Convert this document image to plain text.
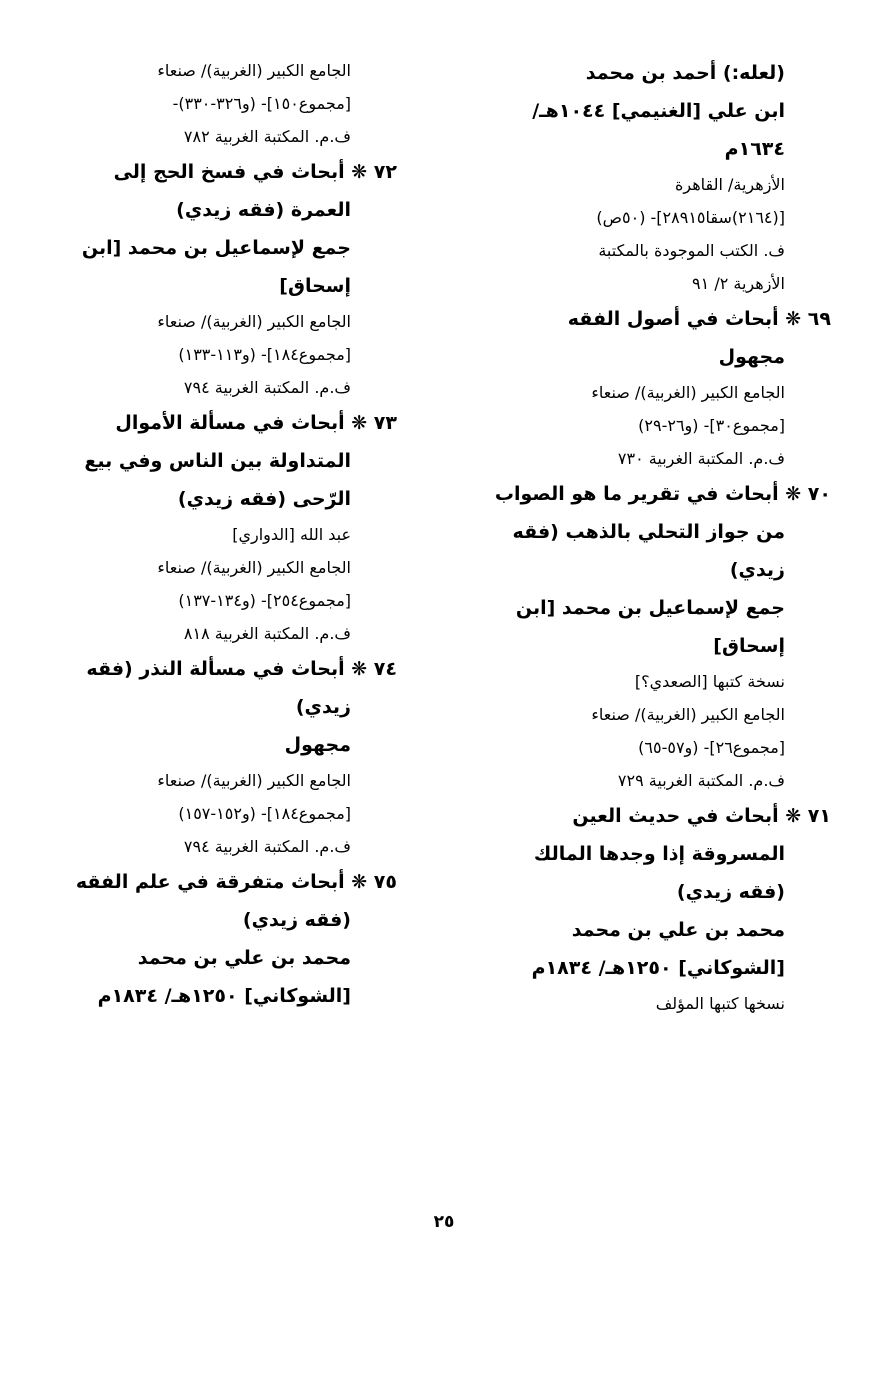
(لعله:) أحمد بن محمد
ابن علي [الغنيمي] ١٠٤٤هـ/
١٦٣٤م
الأزهرية/ القاهرة
[(٢١٦٤)سقا٢٨٩١٥]- (٥٠ص)
ف. الكتب الموجودة بالمكتبة
الأزهرية ٢/ ٩١
٦٩ ❋ أبحاث في أصول الفقه
مجهول
الجامع الكبير (الغربية)/ صنعاء
[مجموع٣٠]- (و٢٦-٢٩)
ف.م. المكتبة الغربية ٧٣٠
٧٠ ❋ أبحاث في تقرير ما هو الصواب
من جواز التحلي بالذهب (فقه
زيدي)
جمع لإسماعيل بن محمد [ابن
إسحاق]
نسخة كتبها [الصعدي؟]
الجامع الكبير (الغربية)/ صنعاء
[مجموع٢٦]- (و٥٧-٦٥)
ف.م. المكتبة الغربية ٧٢٩
٧١ ❋ أبحاث في حديث العين
المسروقة إذا وجدها المالك
(فقه زيدي)
محمد بن علي بن محمد
[الشوكاني] ١٢٥٠هـ/ ١٨٣٤م
نسخها كتبها المؤلف
الجامع الكبير (الغربية)/ صنعاء
[مجموع١٥٠]- (و٣٢٦-٣٣٠)-
ف.م. المكتبة الغربية ٧٨٢
٧٢ ❋ أبحاث في فسخ الحج إلى
العمرة (فقه زيدي)
جمع لإسماعيل بن محمد [ابن
إسحاق]
الجامع الكبير (الغربية)/ صنعاء
[مجموع١٨٤]- (و١١٣-١٣٣)
ف.م. المكتبة الغربية ٧٩٤
٧٣ ❋ أبحاث في مسألة الأموال
المتداولة بين الناس وفي بيع
الرّحى (فقه زيدي)
عبد الله [الدواري]
الجامع الكبير (الغربية)/ صنعاء
[مجموع٢٥٤]- (و١٣٤-١٣٧)
ف.م. المكتبة الغربية ٨١٨
٧٤ ❋ أبحاث في مسألة النذر (فقه
زيدي)
مجهول
الجامع الكبير (الغربية)/ صنعاء
[مجموع١٨٤]- (و١٥٢-١٥٧)
ف.م. المكتبة الغربية ٧٩٤
٧٥ ❋ أبحاث متفرقة في علم الفقه
(فقه زيدي)
محمد بن علي بن محمد
[الشوكاني] ١٢٥٠هـ/ ١٨٣٤م
٢٥
